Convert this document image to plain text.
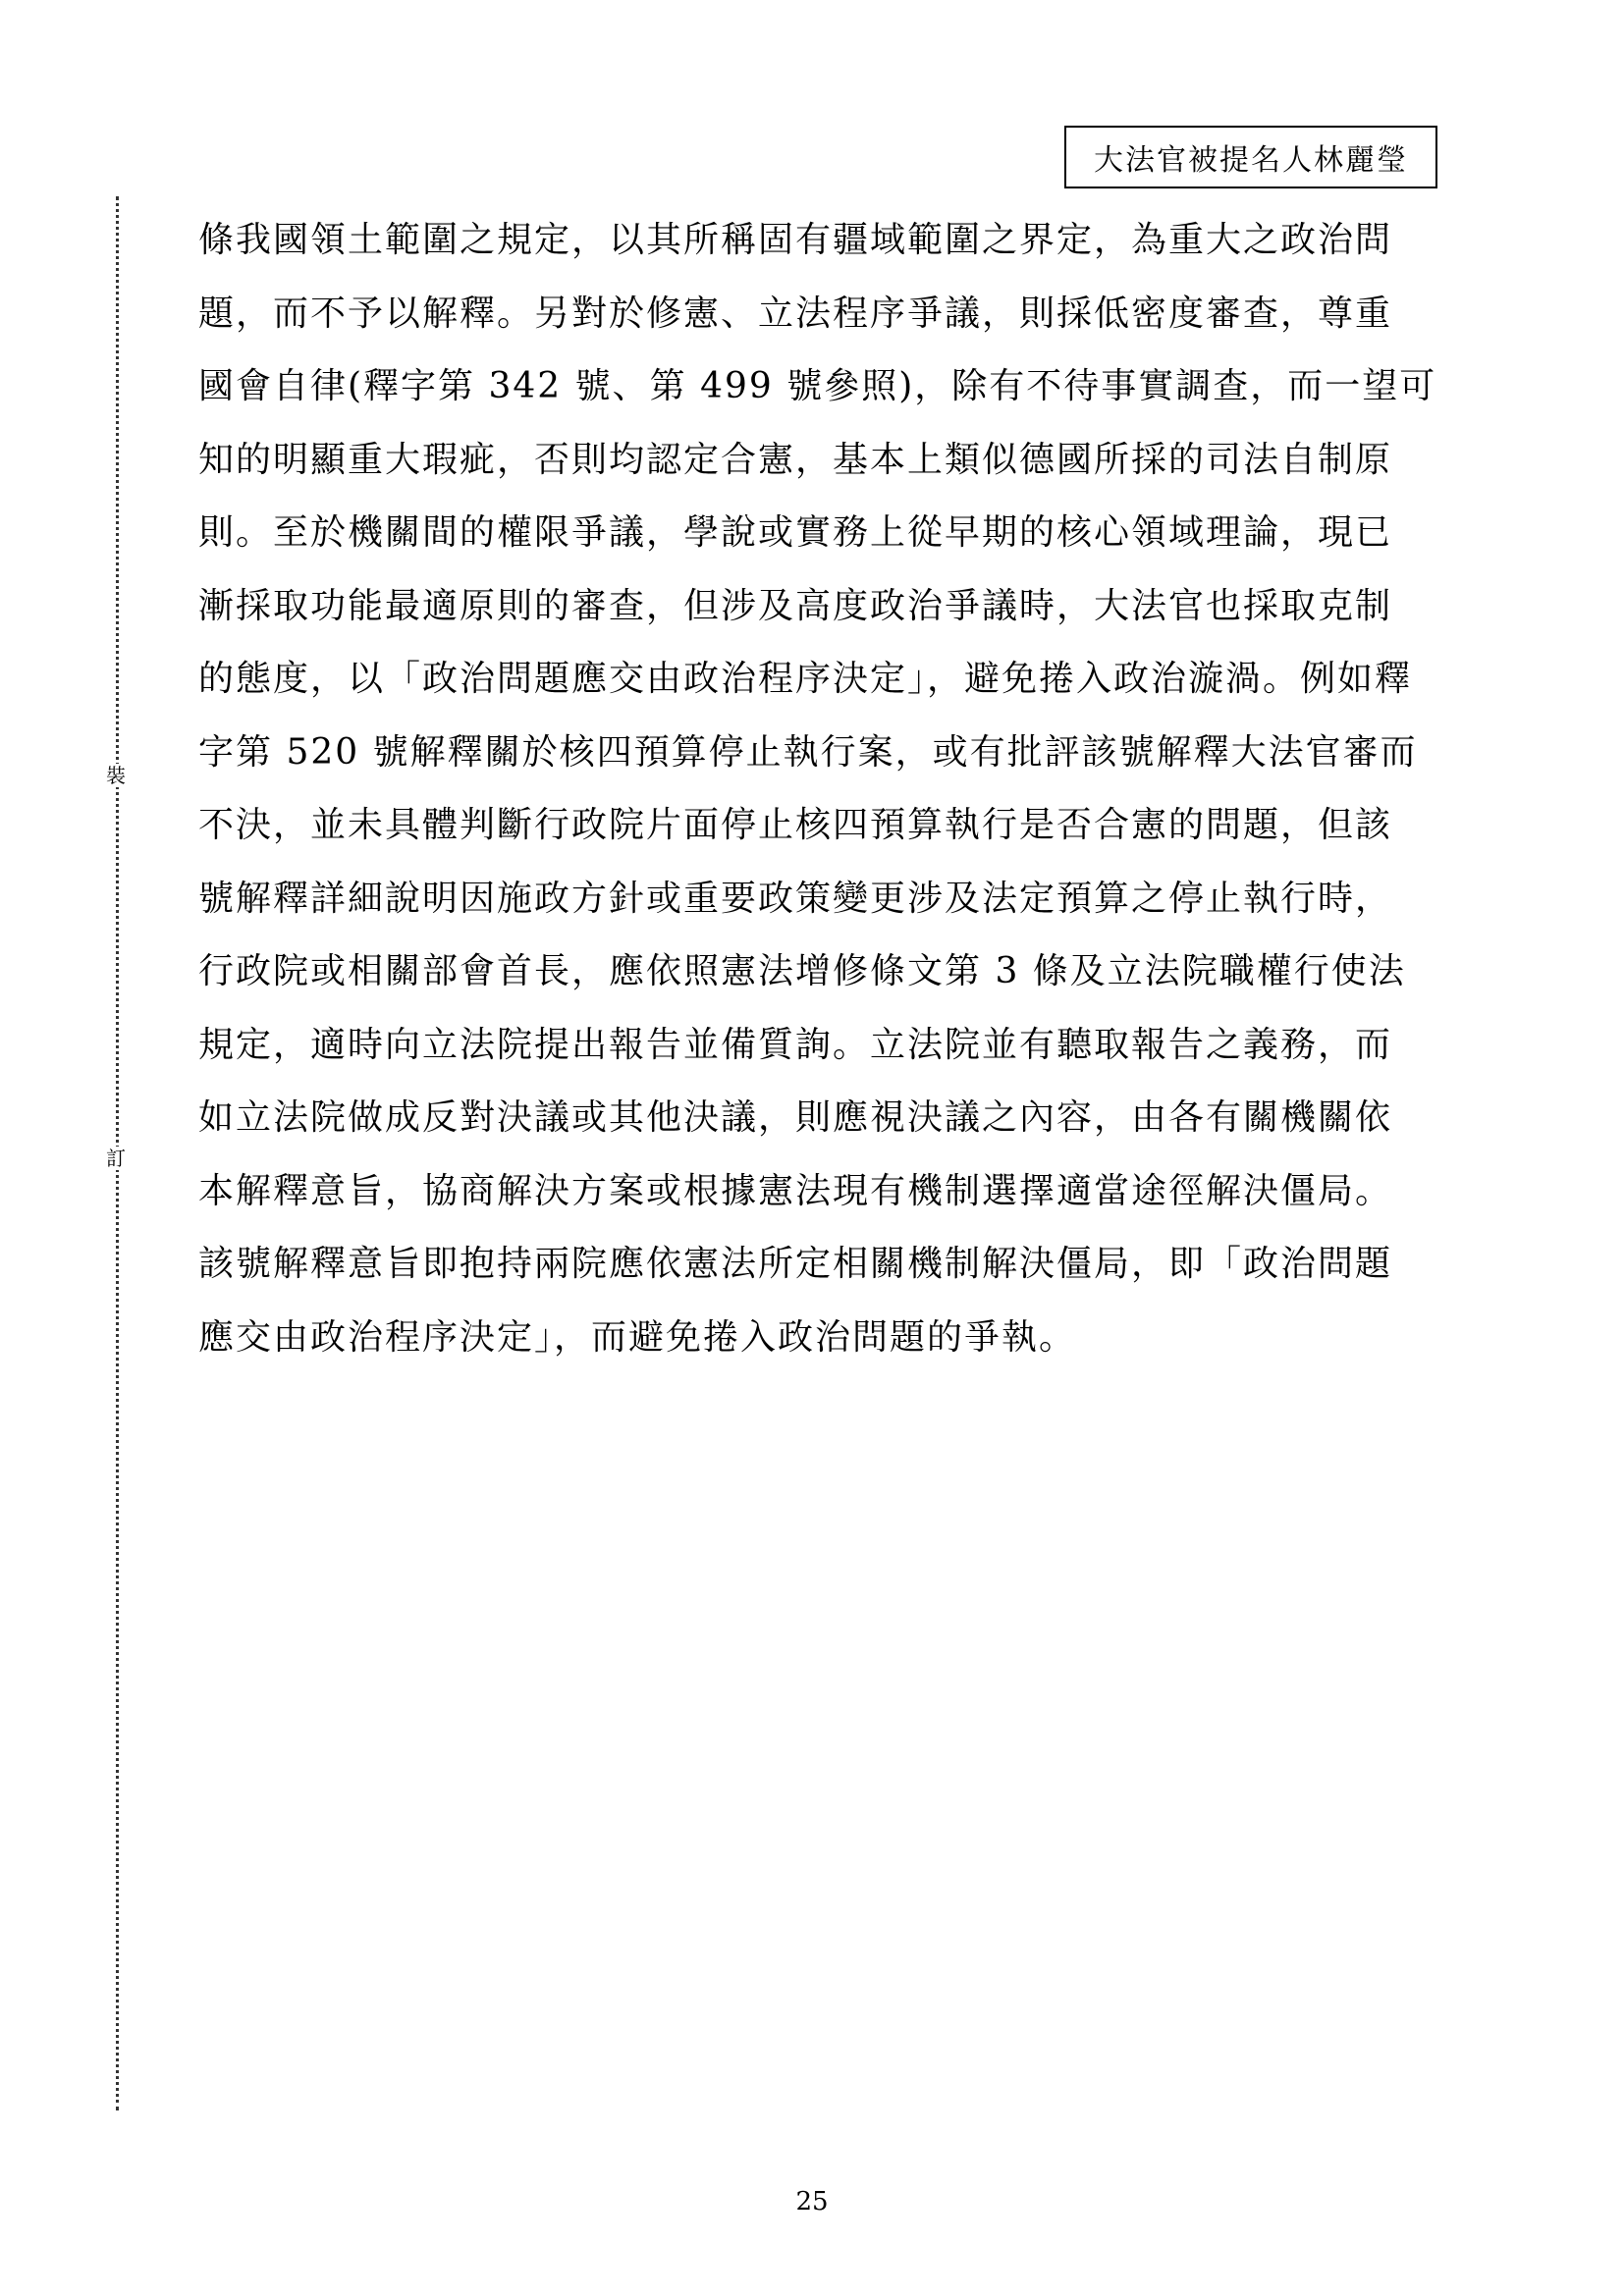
大法官被提名人林麗瑩
裝
訂
條我國領土範圍之規定，以其所稱固有疆域範圍之界定，為重大之政治問
題，而不予以解釋。另對於修憲、立法程序爭議，則採低密度審查，尊重
國會自律(釋字第 342 號、第 499 號參照)，除有不待事實調查，而一望可
知的明顯重大瑕疵，否則均認定合憲，基本上類似德國所採的司法自制原
則。至於機關間的權限爭議，學說或實務上從早期的核心領域理論，現已
漸採取功能最適原則的審查，但涉及高度政治爭議時，大法官也採取克制
的態度，以「政治問題應交由政治程序決定」，避免捲入政治漩渦。例如釋
字第 520 號解釋關於核四預算停止執行案，或有批評該號解釋大法官審而
不決，並未具體判斷行政院片面停止核四預算執行是否合憲的問題，但該
號解釋詳細說明因施政方針或重要政策變更涉及法定預算之停止執行時，
行政院或相關部會首長，應依照憲法增修條文第 3 條及立法院職權行使法
規定，適時向立法院提出報告並備質詢。立法院並有聽取報告之義務，而
如立法院做成反對決議或其他決議，則應視決議之內容，由各有關機關依
本解釋意旨，協商解決方案或根據憲法現有機制選擇適當途徑解決僵局。
該號解釋意旨即抱持兩院應依憲法所定相關機制解決僵局，即「政治問題
應交由政治程序決定」，而避免捲入政治問題的爭執。
25
